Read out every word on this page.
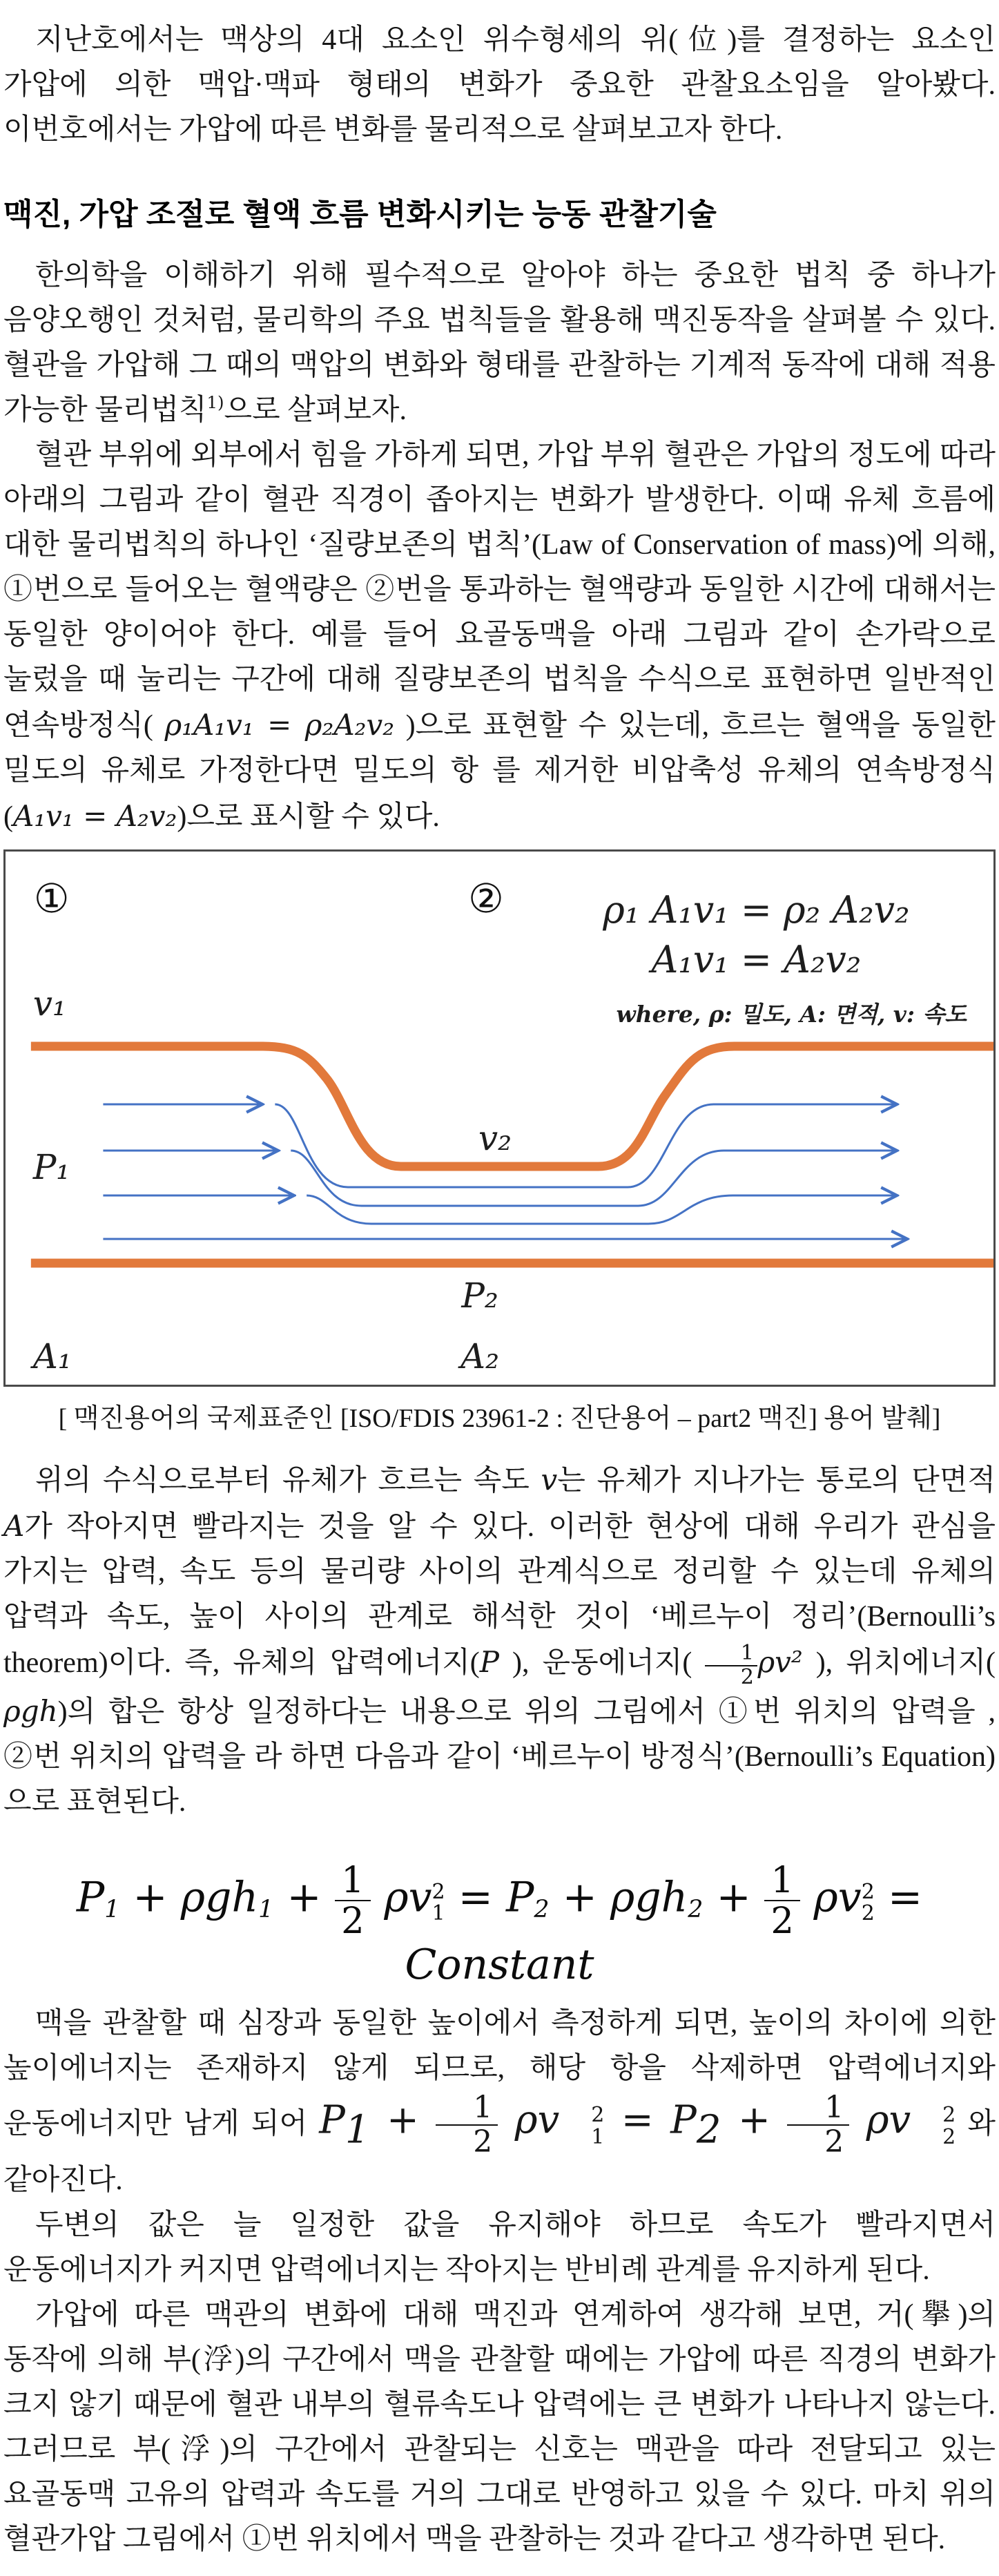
지난호에서는 맥상의 4대 요소인 위수형세의 위(位)를 결정하는 요소인 가압에 의한 맥압·맥파 형태의 변화가 중요한 관찰요소임을 알아봤다. 이번호에서는 가압에 따른 변화를 물리적으로 살펴보고자 한다.

맥진, 가압 조절로 혈액 흐름 변화시키는 능동 관찰기술

한의학을 이해하기 위해 필수적으로 알아야 하는 중요한 법칙 중 하나가 음양오행인 것처럼, 물리학의 주요 법칙들을 활용해 맥진동작을 살펴볼 수 있다. 혈관을 가압해 그 때의 맥압의 변화와 형태를 관찰하는 기계적 동작에 대해 적용 가능한 물리법칙$^{1)}$으로 살펴보자.

혈관 부위에 외부에서 힘을 가하게 되면, 가압 부위 혈관은 가압의 정도에 따라 아래의 그림과 같이 혈관 직경이 좁아지는 변화가 발생한다. 이때 유체 흐름에 대한 물리법칙의 하나인 ‘질량보존의 법칙’(Law of Conservation of mass)에 의해, ①번으로 들어오는 혈액량은 ②번을 통과하는 혈액량과 동일한 시간에 대해서는 동일한 양이어야 한다. 예를 들어 요골동맥을 아래 그림과 같이 손가락으로 눌렀을 때 눌리는 구간에 대해 질량보존의 법칙을 수식으로 표현하면 일반적인 연속방정식( ρ₁A₁v₁ = ρ₂A₂v₂ )으로 표현할 수 있는데, 흐르는 혈액을 동일한 밀도의 유체로 가정한다면 밀도의 항 를 제거한 비압축성 유체의 연속방정식(A₁v₁ = A₂v₂)으로 표시할 수 있다.

①	②	ρ₁ A₁v₁ = ρ₂ A₂v₂
A₁v₁ = A₂v₂
where, ρ: 밀도, A: 면적, v: 속도
v₁
v₂
P₁
P₂
A₁	A₂
[ 맥진용어의 국제표준인 [ISO/FDIS 23961-2 : 진단용어 – part2 맥진] 용어 발췌]

위의 수식으로부터 유체가 흐르는 속도 v는 유체가 지나가는 통로의 단면적 A가 작아지면 빨라지는 것을 알 수 있다. 이러한 현상에 대해 우리가 관심을 가지는 압력, 속도 등의 물리량 사이의 관계식으로 정리할 수 있는데 유체의 압력과 속도, 높이 사이의 관계로 해석한 것이 ‘베르누이 정리’(Bernoulli’s theorem)이다. 즉, 유체의 압력에너지(P ), 운동에너지( $\frac{1}{2} \rho v^2$ ), 위치에너지( ρgh)의 합은 항상 일정하다는 내용으로 위의 그림에서 ①번 위치의 압력을 , ②번 위치의 압력을 라 하면 다음과 같이 ‘베르누이 방정식’(Bernoulli’s Equation)으로 표현된다.

$P_1 + \rho gh_1 + \frac{1}{2}$ ρv 2
$1 = P_2 + \rho gh_2 + \frac{1}{2}$ ρv 2
2 = Constant

맥을 관찰할 때 심장과 동일한 높이에서 측정하게 되면, 높이의 차이에 의한 높이에너지는 존재하지 않게 되므로, 해당 항을 삭제하면 압력에너지와 운동에너지만 남게 되어 $P_1 + \frac{1}{2}$ ρv	2
$1 = P_2 + \frac{1}{2}$ ρv	2
2 와 같아진다.

두변의 값은 늘 일정한 값을 유지해야 하므로 속도가 빨라지면서 운동에너지가 커지면 압력에너지는 작아지는 반비례 관계를 유지하게 된다.

가압에 따른 맥관의 변화에 대해 맥진과 연계하여 생각해 보면, 거(擧)의 동작에 의해 부(浮)의 구간에서 맥을 관찰할 때에는 가압에 따른 직경의 변화가 크지 않기 때문에 혈관 내부의 혈류속도나 압력에는 큰 변화가 나타나지 않는다. 그러므로 부(浮)의 구간에서 관찰되는 신호는 맥관을 따라 전달되고 있는 요골동맥 고유의 압력과 속도를 거의 그대로 반영하고 있을 수 있다. 마치 위의 혈관가압 그림에서 ①번 위치에서 맥을 관찰하는 것과 같다고 생각하면 된다.
